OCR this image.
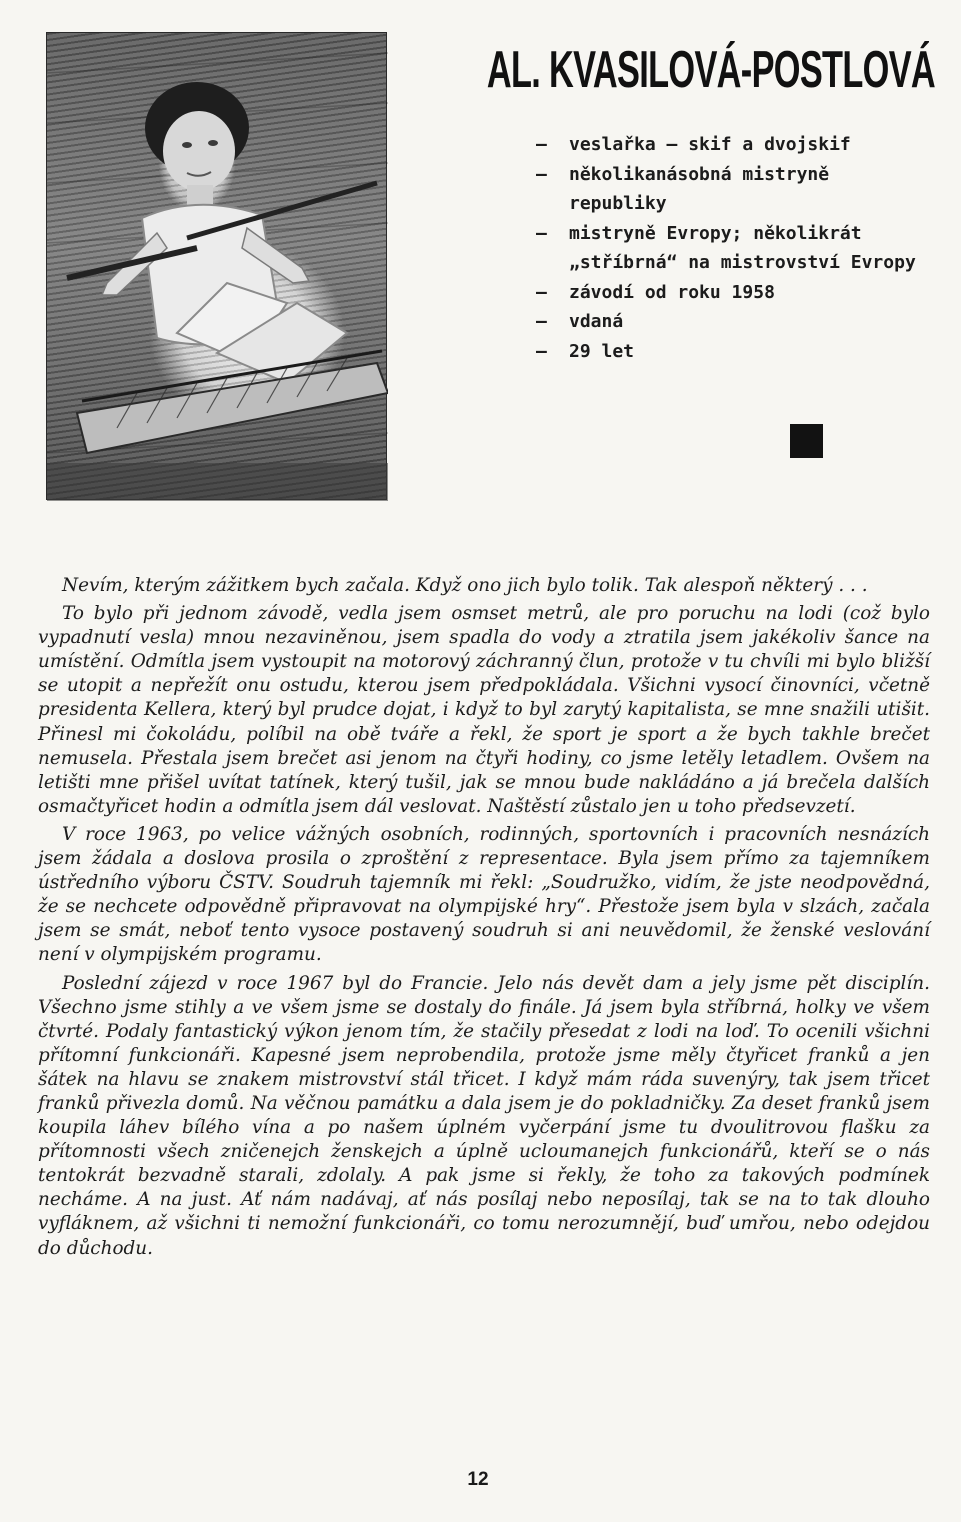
AL. KVASILOVÁ-POSTLOVÁ
— veslařka — skif a dvojskif
— několikanásobná mistryně republiky
— mistryně Evropy; několikrát „stříbrná“ na mistrovství Evropy
— závodí od roku 1958
— vdaná
— 29 let

Nevím, kterým zážitkem bych začala. Když ono jich bylo tolik. Tak alespoň některý . . .

To bylo při jednom závodě, vedla jsem osmset metrů, ale pro poruchu na lodi (což bylo vypadnutí vesla) mnou nezaviněnou, jsem spadla do vody a ztratila jsem jakékoliv šance na umístění. Odmítla jsem vystoupit na motorový záchranný člun, protože v tu chvíli mi bylo bližší se utopit a nepřežít onu ostudu, kterou jsem předpokládala. Všichni vysocí činovníci, včetně presidenta Kellera, který byl prudce dojat, i když to byl zarytý kapitalista, se mne snažili utišit. Přinesl mi čokoládu, políbil na obě tváře a řekl, že sport je sport a že bych takhle brečet nemusela. Přestala jsem brečet asi jenom na čtyři hodiny, co jsme letěly letadlem. Ovšem na letišti mne přišel uvítat tatínek, který tušil, jak se mnou bude nakládáno a já brečela dalších osmačtyřicet hodin a odmítla jsem dál veslovat. Naštěstí zůstalo jen u toho předsevzetí.

V roce 1963, po velice vážných osobních, rodinných, sportovních i pracovních nesnázích jsem žádala a doslova prosila o zproštění z representace. Byla jsem přímo za tajemníkem ústředního výboru ČSTV. Soudruh tajemník mi řekl: „Soudružko, vidím, že jste neodpovědná, že se nechcete odpovědně připravovat na olympijské hry“. Přestože jsem byla v slzách, začala jsem se smát, neboť tento vysoce postavený soudruh si ani neuvědomil, že ženské veslování není v olympijském programu.

Poslední zájezd v roce 1967 byl do Francie. Jelo nás devět dam a jely jsme pět disciplín. Všechno jsme stihly a ve všem jsme se dostaly do finále. Já jsem byla stříbrná, holky ve všem čtvrté. Podaly fantastický výkon jenom tím, že stačily přesedat z lodi na loď. To ocenili všichni přítomní funkcionáři. Kapesné jsem neprobendila, protože jsme měly čtyřicet franků a jen šátek na hlavu se znakem mistrovství stál třicet. I když mám ráda suvenýry, tak jsem třicet franků přivezla domů. Na věčnou památku a dala jsem je do pokladničky. Za deset franků jsem koupila láhev bílého vína a po našem úplném vyčerpání jsme tu dvoulitrovou flašku za přítomnosti všech zničenejch ženskejch a úplně ucloumanejch funkcionářů, kteří se o nás tentokrát bezvadně starali, zdolaly. A pak jsme si řekly, že toho za takových podmínek necháme. A na just. Ať nám nadávaj, ať nás posílaj nebo neposílaj, tak se na to tak dlouho vyfláknem, až všichni ti nemožní funkcionáři, co tomu nerozumnějí, buď umřou, nebo odejdou do důchodu.

12
